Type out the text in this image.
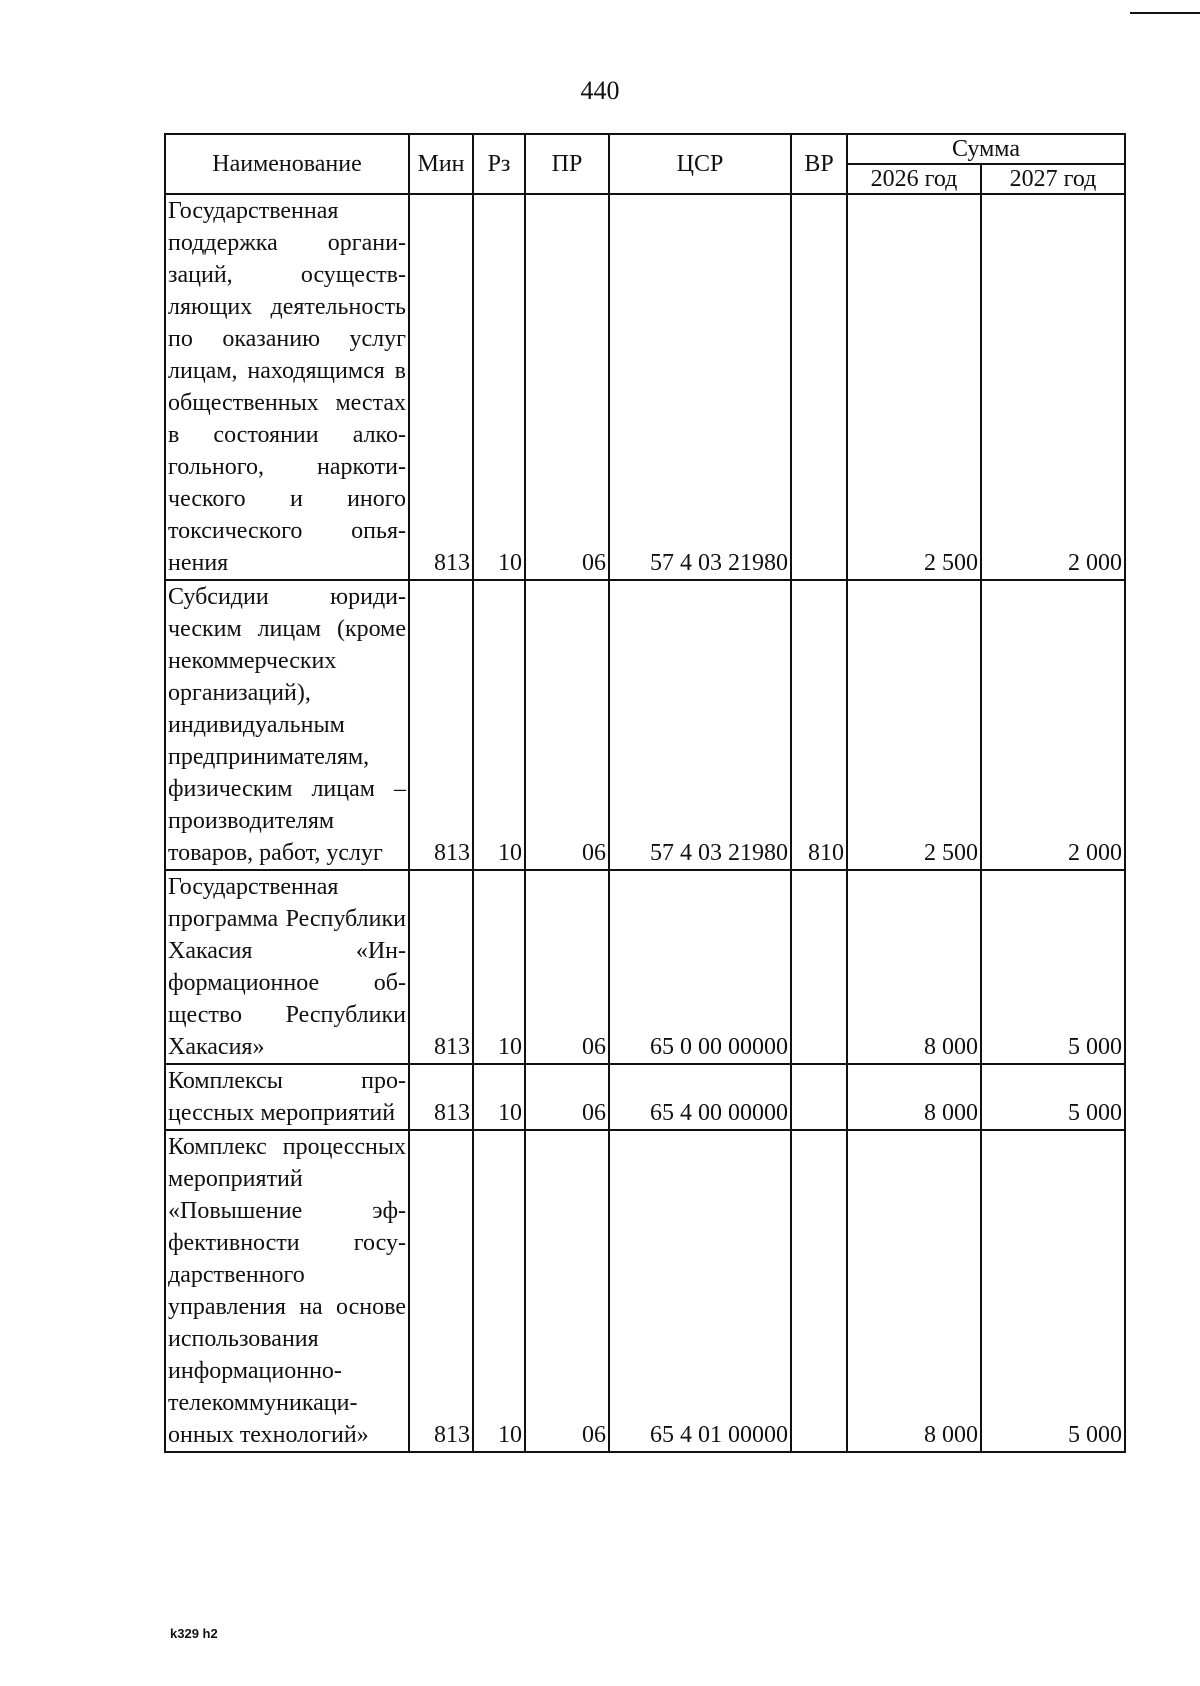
440
Наименование	Мин	Рз	ПР	ЦСР	ВР	Сумма	
						2026 год	2027 год
Государственная поддержка организаций, осуществляющих деятельность по оказанию услуг лицам, находящимся в общественных местах в состоянии алкогольного, наркотического и иного токсического опьянения	813	10	06	57 4 03 21980		2 500	2 000
Субсидии юридическим лицам (кроме некоммерческих организаций), индивидуальным предпринимателям, физическим лицам – производителям товаров, работ, услуг	813	10	06	57 4 03 21980	810	2 500	2 000
Государственная программа Республики Хакасия «Информационное общество Республики Хакасия»	813	10	06	65 0 00 00000		8 000	5 000
Комплексы процессных мероприятий	813	10	06	65 4 00 00000		8 000	5 000
Комплекс процессных мероприятий «Повышение эффективности государственного управления на основе использования информационно-телекоммуникационных технологий»	813	10	06	65 4 01 00000		8 000	5 000
k329 h2
